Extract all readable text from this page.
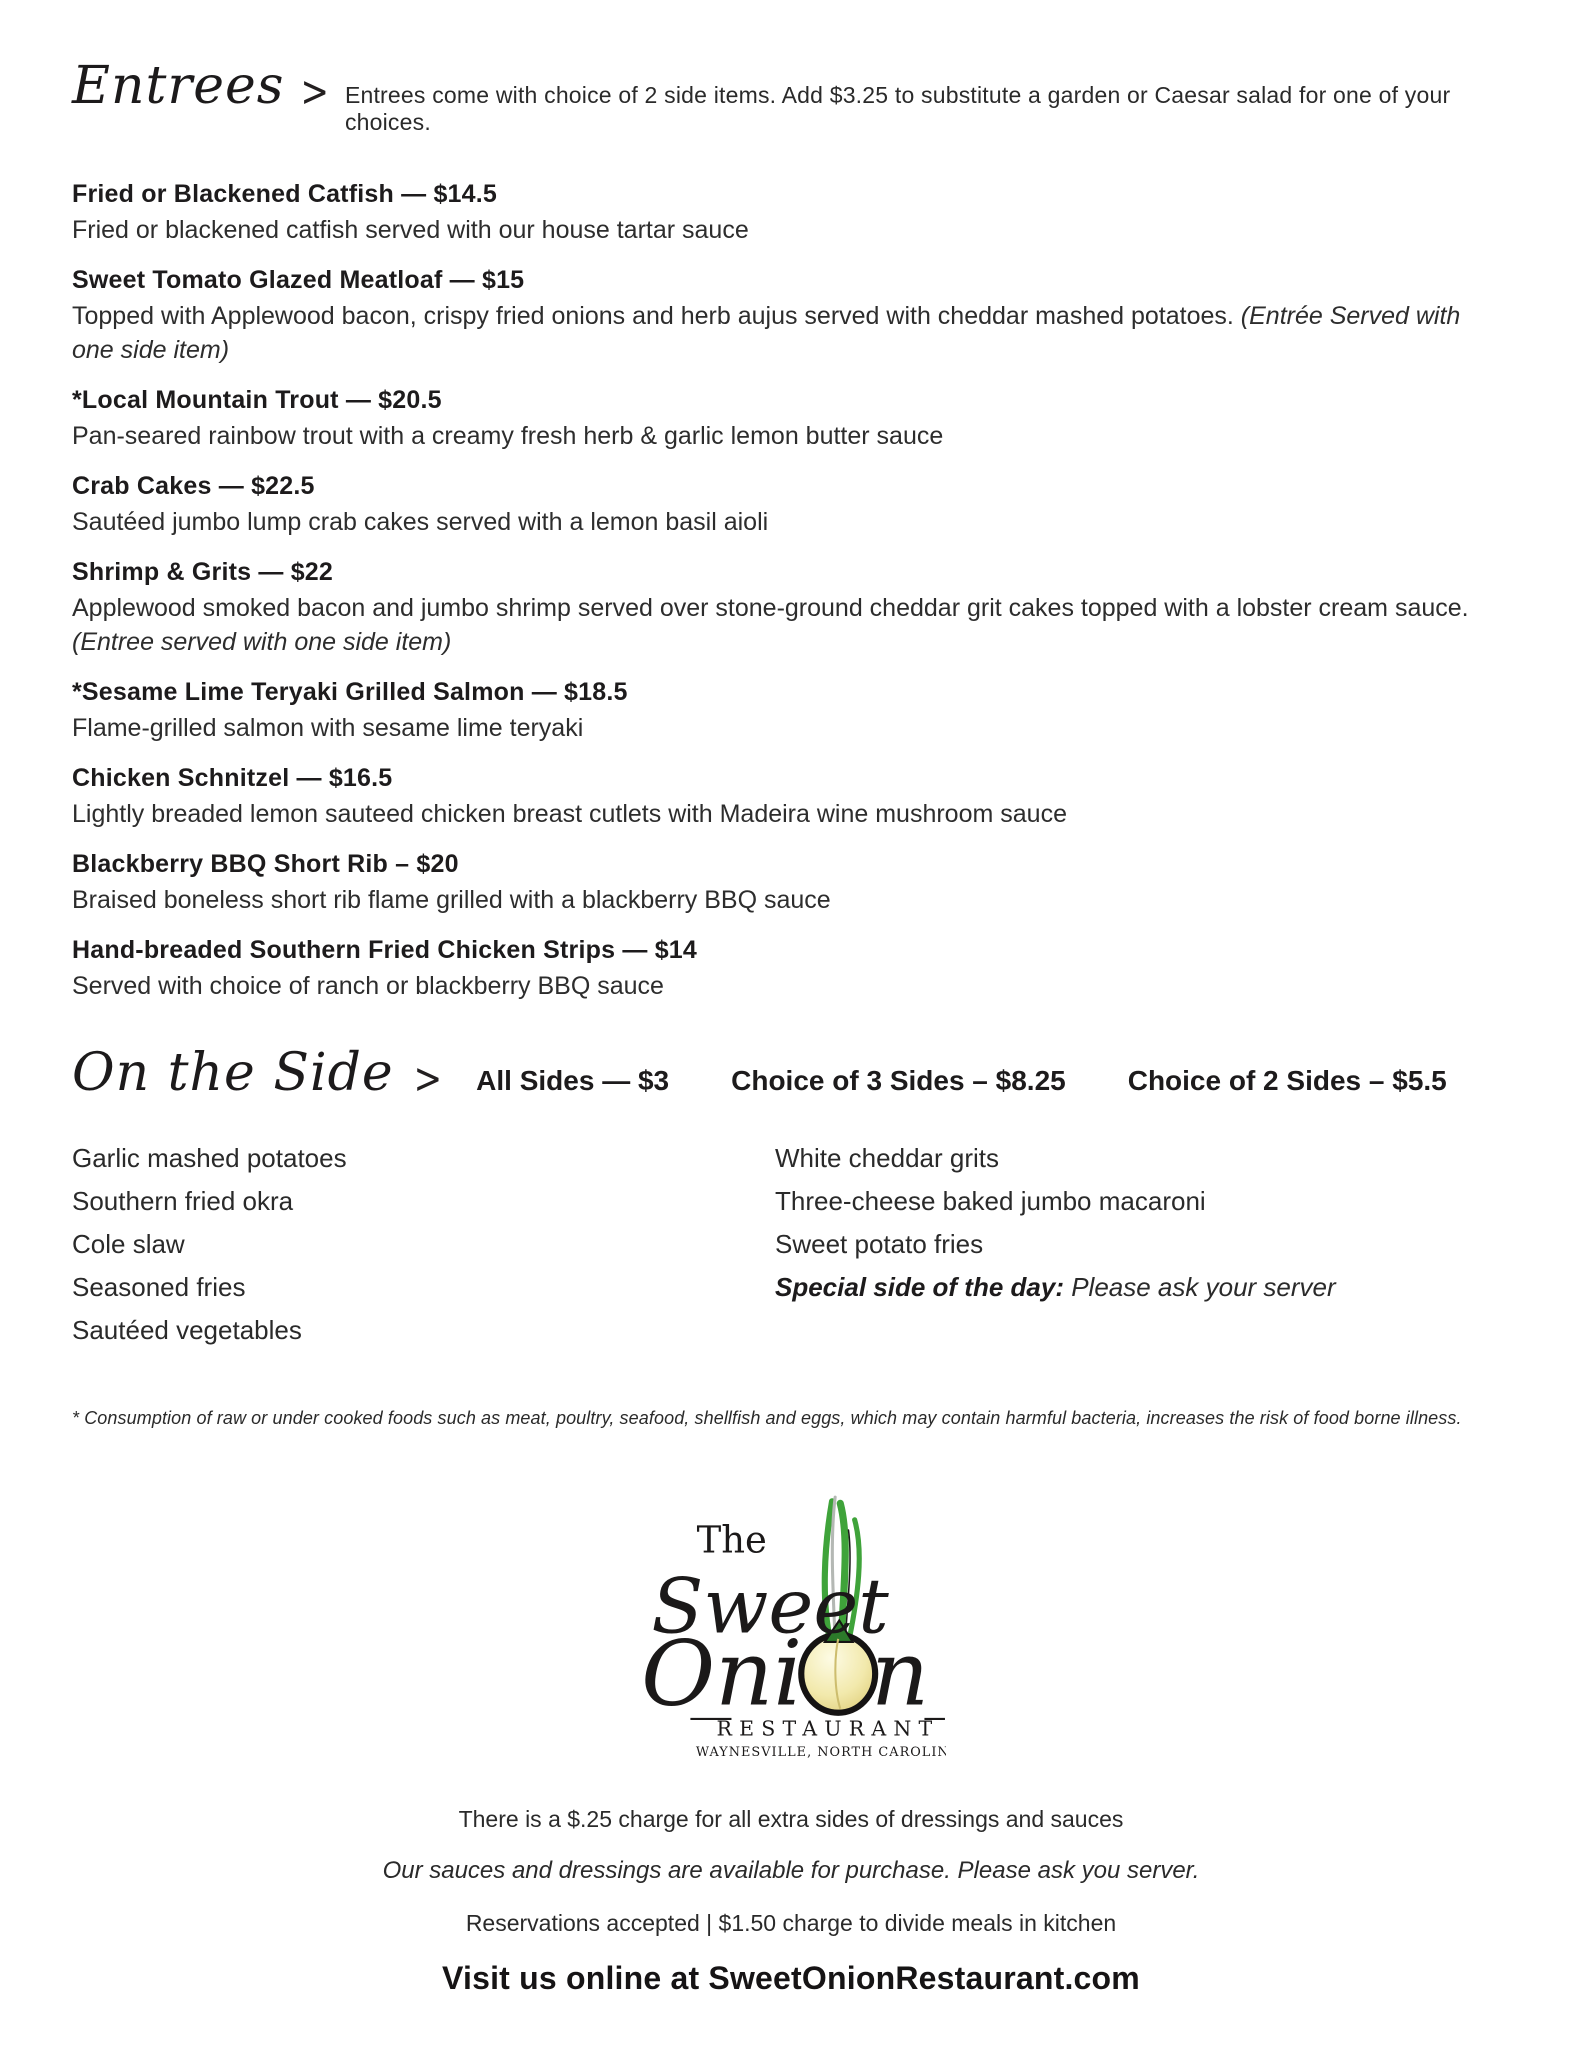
Entrees > Entrees come with choice of 2 side items. Add $3.25 to substitute a garden or Caesar salad for one of your choices.
Fried or Blackened Catfish — $14.5

Fried or blackened catfish served with our house tartar sauce

Sweet Tomato Glazed Meatloaf — $15

Topped with Applewood bacon, crispy fried onions and herb aujus served with cheddar mashed potatoes. (Entrée Served with one side item)

*Local Mountain Trout — $20.5

Pan-seared rainbow trout with a creamy fresh herb & garlic lemon butter sauce

Crab Cakes — $22.5

Sautéed jumbo lump crab cakes served with a lemon basil aioli

Shrimp & Grits — $22

Applewood smoked bacon and jumbo shrimp served over stone-ground cheddar grit cakes topped with a lobster cream sauce. (Entree served with one side item)

*Sesame Lime Teryaki Grilled Salmon — $18.5

Flame-grilled salmon with sesame lime teryaki

Chicken Schnitzel — $16.5

Lightly breaded lemon sauteed chicken breast cutlets with Madeira wine mushroom sauce

Blackberry BBQ Short Rib – $20

Braised boneless short rib flame grilled with a blackberry BBQ sauce

Hand-breaded Southern Fried Chicken Strips — $14

Served with choice of ranch or blackberry BBQ sauce

On the Side > All Sides — $3 Choice of 3 Sides – $8.25 Choice of 2 Sides – $5.5
Garlic mashed potatoes
Southern fried okra
Cole slaw
Seasoned fries
Sautéed vegetables
White cheddar grits
Three-cheese baked jumbo macaroni
Sweet potato fries
Special side of the day: Please ask your server
* Consumption of raw or under cooked foods such as meat, poultry, seafood, shellfish and eggs, which may contain harmful bacteria, increases the risk of food borne illness.
The
Sweet
Oni n
RESTAURANT
WAYNESVILLE, NORTH CAROLINA
There is a $.25 charge for all extra sides of dressings and sauces
Our sauces and dressings are available for purchase. Please ask you server.
Reservations accepted | $1.50 charge to divide meals in kitchen
Visit us online at SweetOnionRestaurant.com
